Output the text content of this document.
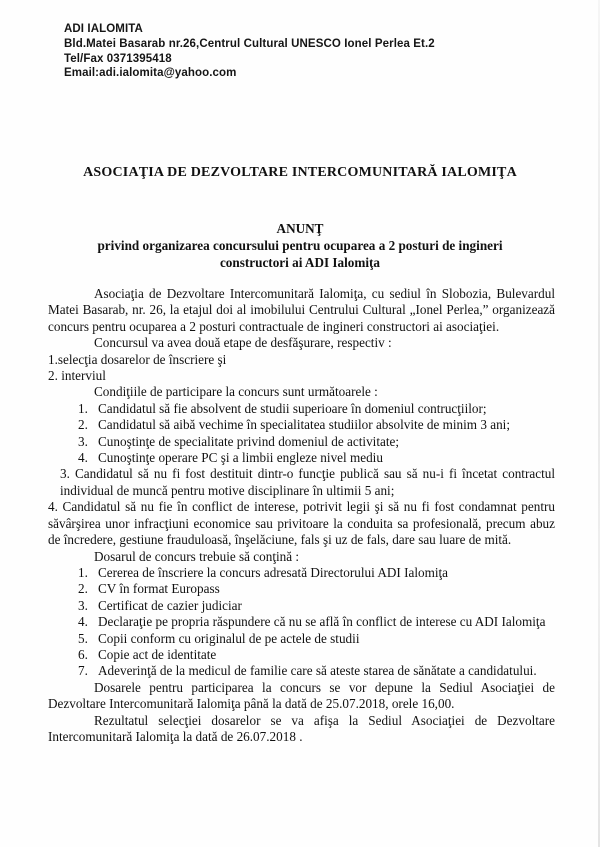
ADI IALOMITA
Bld.Matei Basarab nr.26,Centrul Cultural UNESCO Ionel Perlea Et.2
Tel/Fax 0371395418
Email:adi.ialomita@yahoo.com
ASOCIAŢIA DE DEZVOLTARE INTERCOMUNITARĂ IALOMIŢA
ANUNŢ
privind organizarea concursului pentru ocuparea a 2 posturi de ingineri
constructori ai ADI Ialomiţa

Asociaţia de Dezvoltare Intercomunitară Ialomiţa, cu sediul în Slobozia, Bulevardul Matei Basarab, nr. 26, la etajul doi al imobilului Centrului Cultural „Ionel Perlea,” organizează concurs pentru ocuparea a 2 posturi contractuale de ingineri constructori ai asociaţiei.

Concursul va avea două etape de desfăşurare, respectiv :

1.selecţia dosarelor de înscriere şi

2. interviul

Condiţiile de participare la concurs sunt următoarele :

1. Candidatul să fie absolvent de studii superioare în domeniul contrucţiilor;
2. Candidatul să aibă vechime în specialitatea studiilor absolvite de minim 3 ani;
3. Cunoştinţe de specialitate privind domeniul de activitate;
4. Cunoştinţe operare PC şi a limbii engleze nivel mediu

3. Candidatul să nu fi fost destituit dintr-o funcţie publică sau să nu-i fi încetat contractul individual de muncă pentru motive disciplinare în ultimii 5 ani;

4. Candidatul să nu fie în conflict de interese, potrivit legii şi să nu fi fost condamnat pentru săvârşirea unor infracţiuni economice sau privitoare la conduita sa profesională, precum abuz de încredere, gestiune frauduloasă, înşelăciune, fals şi uz de fals, dare sau luare de mită.

Dosarul de concurs trebuie să conţină :

1. Cererea de înscriere la concurs adresată Directorului ADI Ialomiţa
2. CV în format Europass
3. Certificat de cazier judiciar
4. Declaraţie pe propria răspundere că nu se află în conflict de interese cu ADI Ialomiţa
5. Copii conform cu originalul de pe actele de studii
6. Copie act de identitate
7. Adeverinţă de la medicul de familie care să ateste starea de sănătate a candidatului.

Dosarele pentru participarea la concurs se vor depune la Sediul Asociaţiei de Dezvoltare Intercomunitară Ialomiţa până la dată de 25.07.2018, orele 16,00.

Rezultatul selecţiei dosarelor se va afişa la Sediul Asociaţiei de Dezvoltare Intercomunitară Ialomiţa la dată de 26.07.2018 .
